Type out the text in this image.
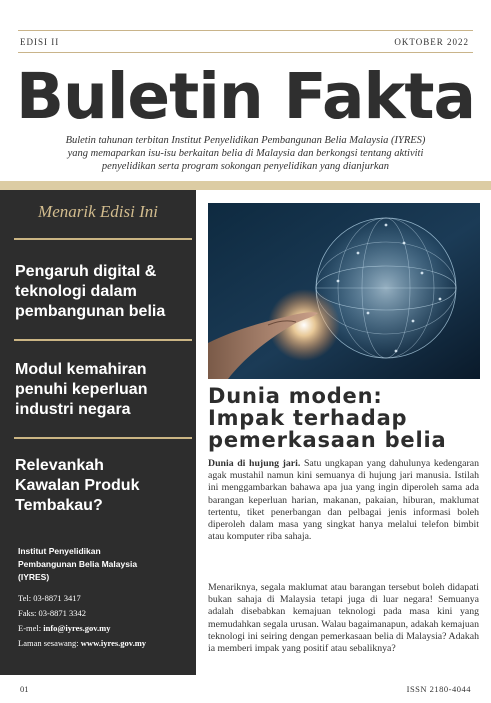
EDISI II	OKTOBER 2022
Buletin Fakta
Buletin tahunan terbitan Institut Penyelidikan Pembangunan Belia Malaysia (IYRES)
yang memaparkan isu-isu berkaitan belia di Malaysia dan berkongsi tentang aktiviti
penyelidikan serta program sokongan penyelidikan yang dianjurkan
Menarik Edisi Ini
Pengaruh digital &
teknologi dalam
pembangunan belia
Modul kemahiran
penuhi keperluan
industri negara
Relevankah
Kawalan Produk
Tembakau?
Institut Penyelidikan
Pembangunan Belia Malaysia
(IYRES)
Tel: 03-8871 3417
Faks: 03-8871 3342
E-mel: info@iyres.gov.my
Laman sesawang: www.iyres.gov.my
Dunia moden:
Impak terhadap
pemerkasaan belia
Dunia di hujung jari. Satu ungkapan yang dahulunya kedengaran agak mustahil namun kini semuanya di hujung jari manusia. Istilah ini menggambarkan bahawa apa jua yang ingin diperoleh sama ada barangan keperluan harian, makanan, pakaian, hiburan, maklumat tertentu, tiket penerbangan dan pelbagai jenis informasi boleh diperoleh dalam masa yang singkat hanya melalui telefon bimbit atau komputer riba sahaja.
Menariknya, segala maklumat atau barangan tersebut boleh didapati bukan sahaja di Malaysia tetapi juga di luar negara! Semuanya adalah disebabkan kemajuan teknologi pada masa kini yang memudahkan segala urusan. Walau bagaimanapun, adakah kemajuan teknologi ini seiring dengan pemerkasaan belia di Malaysia? Adakah ia memberi impak yang positif atau sebaliknya?
01	ISSN 2180-4044
